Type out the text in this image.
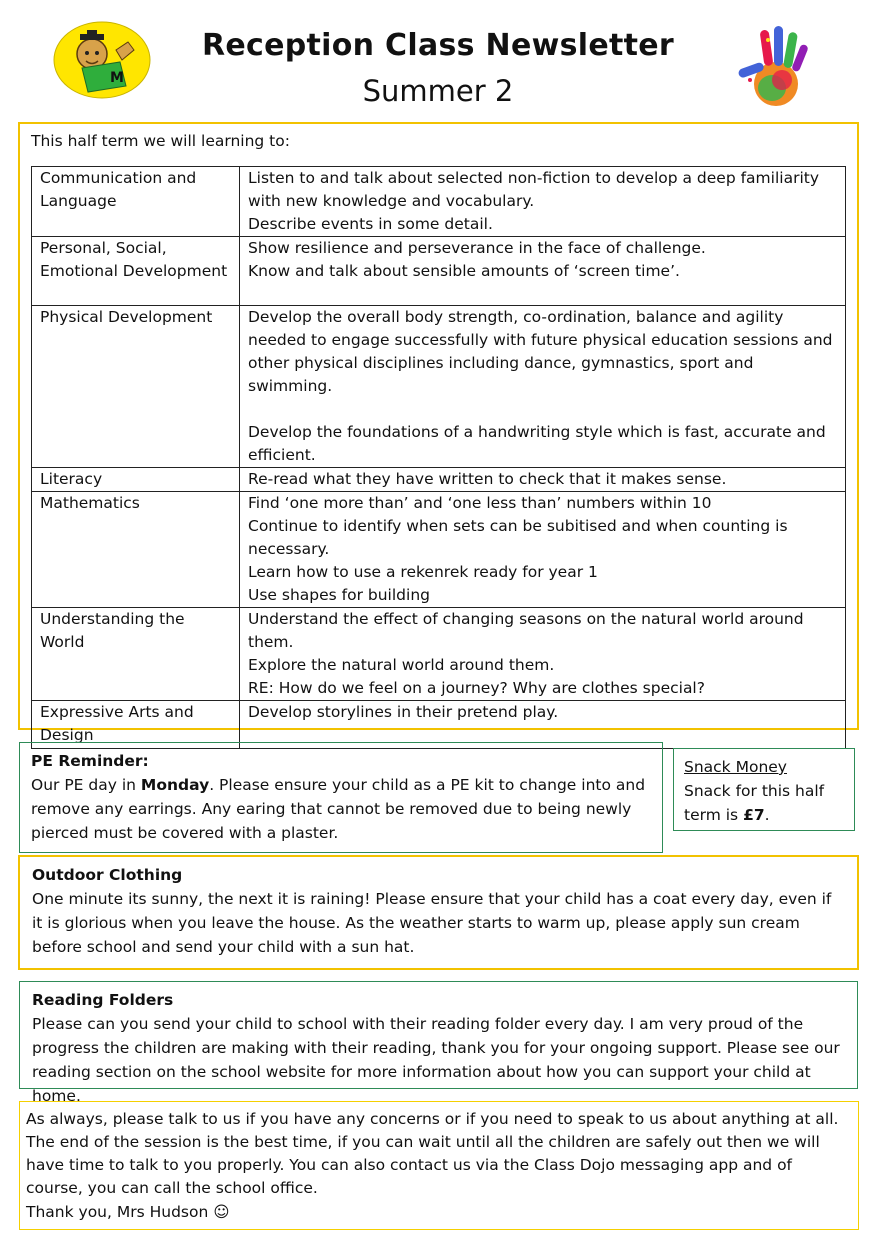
M
Reception Class Newsletter
Summer 2
This half term we will learning to:
Communication and Language	Listen to and talk about selected non-fiction to develop a deep familiarity with new knowledge and vocabulary.
Describe events in some detail.

Personal, Social, Emotional Development	Show resilience and perseverance in the face of challenge.
Know and talk about sensible amounts of ‘screen time’.

Physical Development	Develop the overall body strength, co-ordination, balance and agility needed to engage successfully with future physical education sessions and other physical disciplines including dance, gymnastics, sport and swimming.
Develop the foundations of a handwriting style which is fast, accurate and efficient.

Literacy	Re-read what they have written to check that it makes sense.

Mathematics	Find ‘one more than’ and ‘one less than’ numbers within 10
Continue to identify when sets can be subitised and when counting is necessary.
Learn how to use a rekenrek ready for year 1
Use shapes for building

Understanding the World	Understand the effect of changing seasons on the natural world around them.
Explore the natural world around them.
RE: How do we feel on a journey? Why are clothes special?

Expressive Arts and Design	Develop storylines in their pretend play.
PE Reminder:

Our PE day in Monday. Please ensure your child as a PE kit to change into and remove any earrings. Any earing that cannot be removed due to being newly pierced must be covered with a plaster.

Snack Money

Snack for this half term is £7.

Outdoor Clothing

One minute its sunny, the next it is raining! Please ensure that your child has a coat every day, even if it is glorious when you leave the house. As the weather starts to warm up, please apply sun cream before school and send your child with a sun hat.

Reading Folders

Please can you send your child to school with their reading folder every day. I am very proud of the progress the children are making with their reading, thank you for your ongoing support. Please see our reading section on the school website for more information about how you can support your child at home.

As always, please talk to us if you have any concerns or if you need to speak to us about anything at all. The end of the session is the best time, if you can wait until all the children are safely out then we will have time to talk to you properly. You can also contact us via the Class Dojo messaging app and of course, you can call the school office.

Thank you, Mrs Hudson ☺
